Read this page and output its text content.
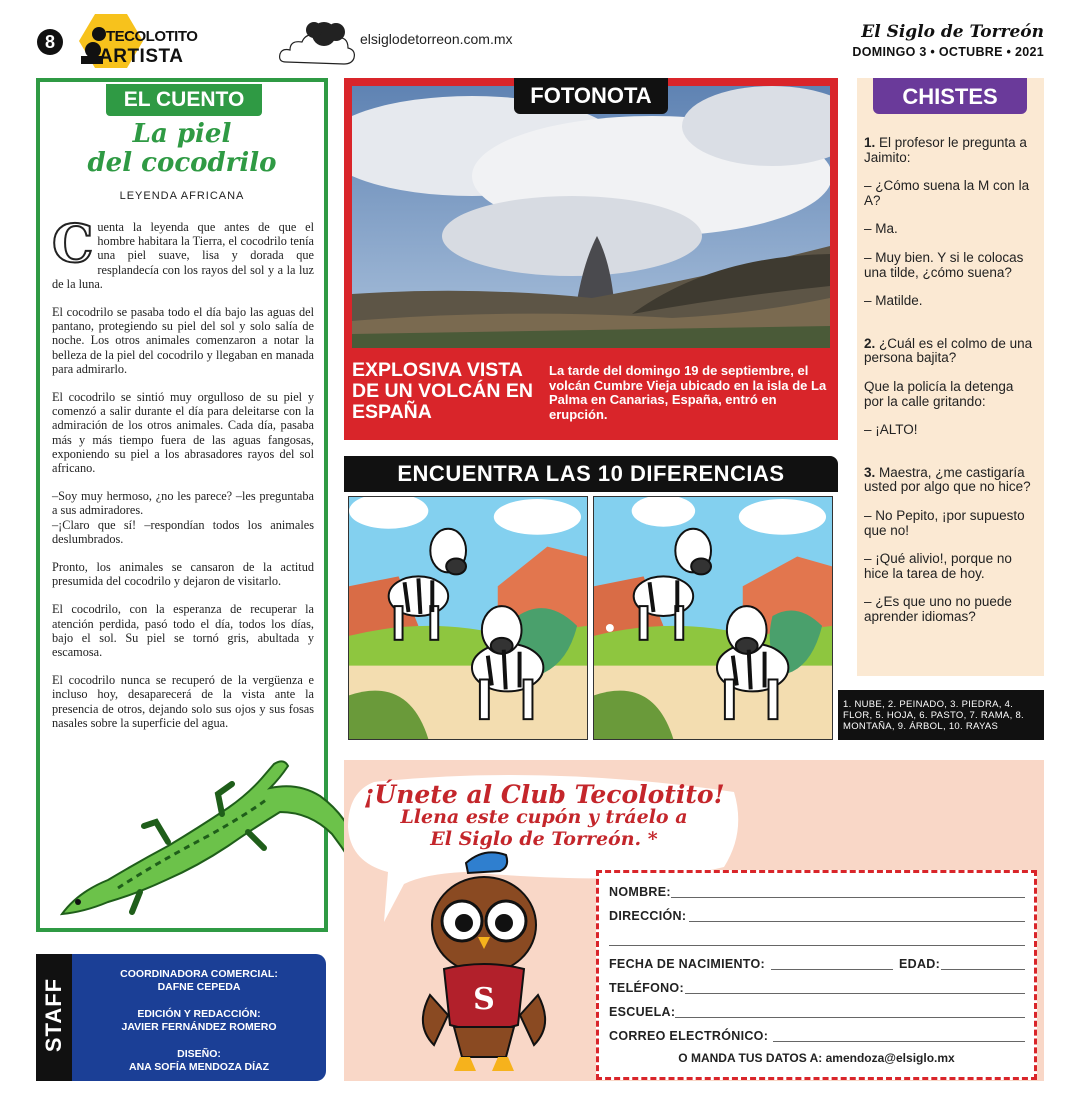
8	TECOLOTITO
ARTISTA
elsiglodetorreon.com.mx	El Siglo de Torreón
DOMINGO 3 • OCTUBRE • 2021
EL CUENTO
La piel
del cocodrilo
LEYENDA AFRICANA

Cuenta la leyenda que antes de que el hombre habitara la Tierra, el cocodrilo tenía una piel suave, lisa y dorada que resplandecía con los rayos del sol y a la luz de la luna.

El cocodrilo se pasaba todo el día bajo las aguas del pantano, protegiendo su piel del sol y solo salía de noche. Los otros animales comenzaron a notar la belleza de la piel del cocodrilo y llegaban en manada para admirarlo.

El cocodrilo se sintió muy orgulloso de su piel y comenzó a salir durante el día para deleitarse con la admiración de los otros animales. Cada día, pasaba más y más tiempo fuera de las aguas fangosas, exponiendo su piel a los abrasadores rayos del sol africano.

–Soy muy hermoso, ¿no les parece? –les preguntaba a sus admiradores.

–¡Claro que sí! –respondían todos los animales deslumbrados.

Pronto, los animales se cansaron de la actitud presumida del cocodrilo y dejaron de visitarlo.

El cocodrilo, con la esperanza de recuperar la atención perdida, pasó todo el día, todos los días, bajo el sol. Su piel se tornó gris, abultada y escamosa.

El cocodrilo nunca se recuperó de la vergüenza e incluso hoy, desaparecerá de la vista ante la presencia de otros, dejando solo sus ojos y sus fosas nasales sobre la superficie del agua.

STAFF
COORDINADORA COMERCIAL:
DAFNE CEPEDA
EDICIÓN Y REDACCIÓN:
JAVIER FERNÁNDEZ ROMERO
DISEÑO:
ANA SOFÍA MENDOZA DÍAZ
FOTONOTA
EXPLOSIVA VISTA DE UN VOLCÁN EN ESPAÑA
La tarde del domingo 19 de septiembre, el volcán Cumbre Vieja ubicado en la isla de La Palma en Canarias, España, entró en erupción.
ENCUENTRA LAS 10 DIFERENCIAS
1. NUBE, 2. PEINADO, 3. PIEDRA, 4. FLOR, 5. HOJA, 6. PASTO, 7. RAMA, 8. MONTAÑA, 9. ÁRBOL, 10. RAYAS
CHISTES

1. El profesor le pregunta a Jaimito:

– ¿Cómo suena la M con la A?

– Ma.

– Muy bien. Y si le colocas una tilde, ¿cómo suena?

– Matilde.

2. ¿Cuál es el colmo de una persona bajita?

Que la policía la detenga por la calle gritando:

– ¡ALTO!

3. Maestra, ¿me castigaría usted por algo que no hice?

– No Pepito, ¡por supuesto que no!

– ¡Qué alivio!, porque no hice la tarea de hoy.

– ¿Es que uno no puede aprender idiomas?

¡Únete al Club Tecolotito!
Llena este cupón y tráelo a
El Siglo de Torreón. *
S
NOMBRE:
DIRECCIÓN:
FECHA DE NACIMIENTO:	EDAD:
TELÉFONO:
ESCUELA:
CORREO ELECTRÓNICO:
O MANDA TUS DATOS A: amendoza@elsiglo.mx
